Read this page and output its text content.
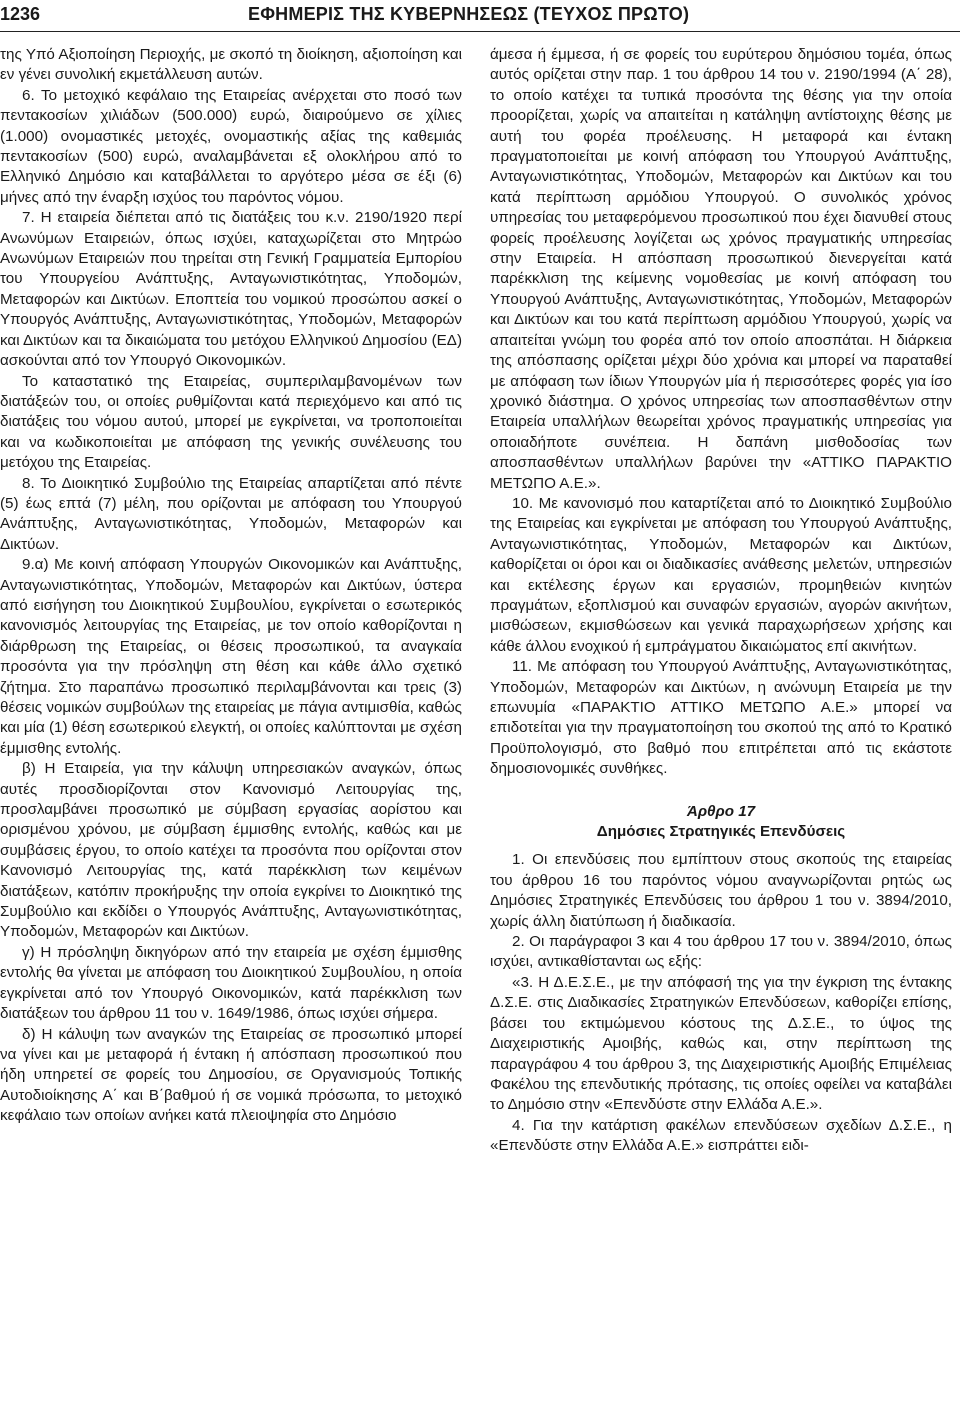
1236	ΕΦΗΜΕΡΙΣ ΤΗΣ ΚΥΒΕΡΝΗΣΕΩΣ (ΤΕΥΧΟΣ ΠΡΩΤΟ)

της Υπό Αξιοποίηση Περιοχής, με σκοπό τη διοίκηση, αξιοποίηση και εν γένει συνολική εκμετάλλευση αυτών.

6. Το μετοχικό κεφάλαιο της Εταιρείας ανέρχεται στο ποσό των πεντακοσίων χιλιάδων (500.000) ευρώ, διαιρούμενο σε χίλιες (1.000) ονομαστικές μετοχές, ονομαστικής αξίας της καθεμιάς πεντακοσίων (500) ευρώ, αναλαμβάνεται εξ ολοκλήρου από το Ελληνικό Δημόσιο και καταβάλλεται το αργότερο μέσα σε έξι (6) μήνες από την έναρξη ισχύος του παρόντος νόμου.

7. Η εταιρεία διέπεται από τις διατάξεις του κ.ν. 2190/1920 περί Ανωνύμων Εταιρειών, όπως ισχύει, καταχωρίζεται στο Μητρώο Ανωνύμων Εταιρειών που τηρείται στη Γενική Γραμματεία Εμπορίου του Υπουργείου Ανάπτυξης, Ανταγωνιστικότητας, Υποδομών, Μεταφορών και Δικτύων. Εποπτεία του νομικού προσώπου ασκεί ο Υπουργός Ανάπτυξης, Ανταγωνιστικότητας, Υποδομών, Μεταφορών και Δικτύων και τα δικαιώματα του μετόχου Ελληνικού Δημοσίου (ΕΔ) ασκούνται από τον Υπουργό Οικονομικών.

Το καταστατικό της Εταιρείας, συμπεριλαμβανομένων των διατάξεών του, οι οποίες ρυθμίζονται κατά περιεχόμενο και από τις διατάξεις του νόμου αυτού, μπορεί με εγκρίνεται, να τροποποιείται και να κωδικοποιείται με απόφαση της γενικής συνέλευσης του μετόχου της Εταιρείας.

8. Το Διοικητικό Συμβούλιο της Εταιρείας απαρτίζεται από πέντε (5) έως επτά (7) μέλη, που ορίζονται με απόφαση του Υπουργού Ανάπτυξης, Ανταγωνιστικότητας, Υποδομών, Μεταφορών και Δικτύων.

9.α) Με κοινή απόφαση Υπουργών Οικονομικών και Ανάπτυξης, Ανταγωνιστικότητας, Υποδομών, Μεταφορών και Δικτύων, ύστερα από εισήγηση του Διοικητικού Συμβουλίου, εγκρίνεται ο εσωτερικός κανονισμός λειτουργίας της Εταιρείας, με τον οποίο καθορίζονται η διάρθρωση της Εταιρείας, οι θέσεις προσωπικού, τα αναγκαία προσόντα για την πρόσληψη στη θέση και κάθε άλλο σχετικό ζήτημα. Στο παραπάνω προσωπικό περιλαμβάνονται και τρεις (3) θέσεις νομικών συμβούλων της εταιρείας με πάγια αντιμισθία, καθώς και μία (1) θέση εσωτερικού ελεγκτή, οι οποίες καλύπτονται με σχέση έμμισθης εντολής.

β) Η Εταιρεία, για την κάλυψη υπηρεσιακών αναγκών, όπως αυτές προσδιορίζονται στον Κανονισμό Λειτουργίας της, προσλαμβάνει προσωπικό με σύμβαση εργασίας αορίστου και ορισμένου χρόνου, με σύμβαση έμμισθης εντολής, καθώς και με συμβάσεις έργου, το οποίο κατέχει τα προσόντα που ορίζονται στον Κανονισμό Λειτουργίας της, κατά παρέκκλιση των κειμένων διατάξεων, κατόπιν προκήρυξης την οποία εγκρίνει το Διοικητικό της Συμβούλιο και εκδίδει ο Υπουργός Ανάπτυξης, Ανταγωνιστικότητας, Υποδομών, Μεταφορών και Δικτύων.

γ) Η πρόσληψη δικηγόρων από την εταιρεία με σχέση έμμισθης εντολής θα γίνεται με απόφαση του Διοικητικού Συμβουλίου, η οποία εγκρίνεται από τον Υπουργό Οικονομικών, κατά παρέκκλιση των διατάξεων του άρθρου 11 του ν. 1649/1986, όπως ισχύει σήμερα.

δ) Η κάλυψη των αναγκών της Εταιρείας σε προσωπικό μπορεί να γίνει και με μεταφορά ή έντακη ή απόσπαση προσωπικού που ήδη υπηρετεί σε φορείς του Δημοσίου, σε Οργανισμούς Τοπικής Αυτοδιοίκησης Α΄ και Β΄βαθμού ή σε νομικά πρόσωπα, το μετοχικό κεφάλαιο των οποίων ανήκει κατά πλειοψηφία στο Δημόσιο

άμεσα ή έμμεσα, ή σε φορείς του ευρύτερου δημόσιου τομέα, όπως αυτός ορίζεται στην παρ. 1 του άρθρου 14 του ν. 2190/1994 (Α΄ 28), το οποίο κατέχει τα τυπικά προσόντα της θέσης για την οποία προορίζεται, χωρίς να απαιτείται η κατάληψη αντίστοιχης θέσης με αυτή του φορέα προέλευσης. Η μεταφορά και έντακη πραγματοποιείται με κοινή απόφαση του Υπουργού Ανάπτυξης, Ανταγωνιστικότητας, Υποδομών, Μεταφορών και Δικτύων και του κατά περίπτωση αρμόδιου Υπουργού. Ο συνολικός χρόνος υπηρεσίας του μεταφερόμενου προσωπικού που έχει διανυθεί στους φορείς προέλευσης λογίζεται ως χρόνος πραγματικής υπηρεσίας στην Εταιρεία. Η απόσπαση προσωπικού διενεργείται κατά παρέκκλιση της κείμενης νομοθεσίας με κοινή απόφαση του Υπουργού Ανάπτυξης, Ανταγωνιστικότητας, Υποδομών, Μεταφορών και Δικτύων και του κατά περίπτωση αρμόδιου Υπουργού, χωρίς να απαιτείται γνώμη του φορέα από τον οποίο αποσπάται. Η διάρκεια της απόσπασης ορίζεται μέχρι δύο χρόνια και μπορεί να παραταθεί με απόφαση των ίδιων Υπουργών μία ή περισσότερες φορές για ίσο χρονικό διάστημα. Ο χρόνος υπηρεσίας των αποσπασθέντων στην Εταιρεία υπαλλήλων θεωρείται χρόνος πραγματικής υπηρεσίας για οποιαδήποτε συνέπεια. Η δαπάνη μισθοδοσίας των αποσπασθέντων υπαλλήλων βαρύνει την «ΑΤΤΙΚΟ ΠΑΡΑΚΤΙΟ ΜΕΤΩΠΟ Α.Ε.».

10. Με κανονισμό που καταρτίζεται από το Διοικητικό Συμβούλιο της Εταιρείας και εγκρίνεται με απόφαση του Υπουργού Ανάπτυξης, Ανταγωνιστικότητας, Υποδομών, Μεταφορών και Δικτύων, καθορίζεται οι όροι και οι διαδικασίες ανάθεσης μελετών, υπηρεσιών και εκτέλεσης έργων και εργασιών, προμηθειών κινητών πραγμάτων, εξοπλισμού και συναφών εργασιών, αγορών ακινήτων, μισθώσεων, εκμισθώσεων και γενικά παραχωρήσεων χρήσης και κάθε άλλου ενοχικού ή εμπράγματου δικαιώματος επί ακινήτων.

11. Με απόφαση του Υπουργού Ανάπτυξης, Ανταγωνιστικότητας, Υποδομών, Μεταφορών και Δικτύων, η ανώνυμη Εταιρεία με την επωνυμία «ΠΑΡΑΚΤΙΟ ΑΤΤΙΚΟ ΜΕΤΩΠΟ Α.Ε.» μπορεί να επιδοτείται για την πραγματοποίηση του σκοπού της από το Κρατικό Προϋπολογισμό, στο βαθμό που επιτρέπεται από τις εκάστοτε δημοσιονομικές συνθήκες.

Άρθρο 17

Δημόσιες Στρατηγικές Επενδύσεις

1. Οι επενδύσεις που εμπίπτουν στους σκοπούς της εταιρείας του άρθρου 16 του παρόντος νόμου αναγνωρίζονται ρητώς ως Δημόσιες Στρατηγικές Επενδύσεις του άρθρου 1 του ν. 3894/2010, χωρίς άλλη διατύπωση ή διαδικασία.

2. Οι παράγραφοι 3 και 4 του άρθρου 17 του ν. 3894/2010, όπως ισχύει, αντικαθίστανται ως εξής:

«3. Η Δ.Ε.Σ.Ε., με την απόφασή της για την έγκριση της έντακης Δ.Σ.Ε. στις Διαδικασίες Στρατηγικών Επενδύσεων, καθορίζει επίσης, βάσει του εκτιμώμενου κόστους της Δ.Σ.Ε., το ύψος της Διαχειριστικής Αμοιβής, καθώς και, στην περίπτωση της παραγράφου 4 του άρθρου 3, της Διαχειριστικής Αμοιβής Επιμέλειας Φακέλου της επενδυτικής πρότασης, τις οποίες οφείλει να καταβάλει το Δημόσιο στην «Επενδύστε στην Ελλάδα Α.Ε.».

4. Για την κατάρτιση φακέλων επενδύσεων σχεδίων Δ.Σ.Ε., η «Επενδύστε στην Ελλάδα Α.Ε.» εισπράττει ειδι-
